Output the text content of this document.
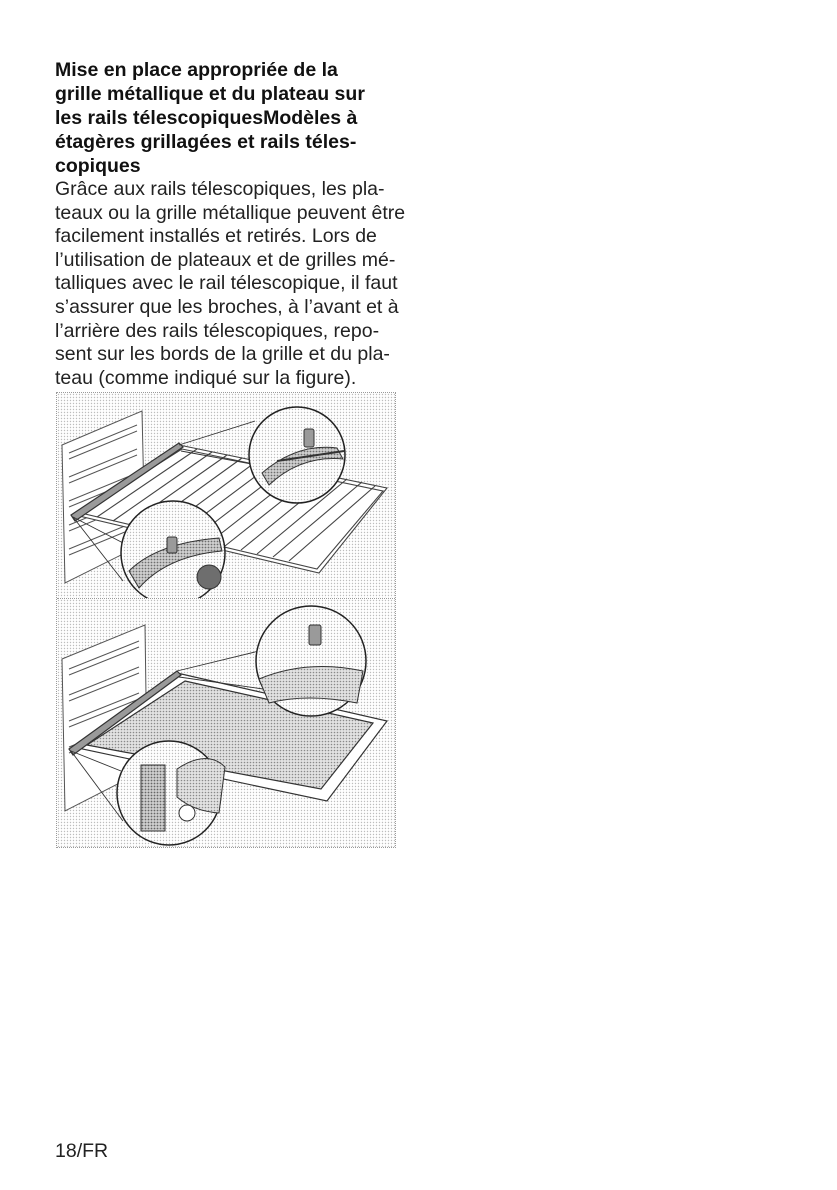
Mise en place appropriée de la
grille métallique et du plateau sur
les rails télescopiquesModèles à
étagères grillagées et rails téles-
copiques
Grâce aux rails télescopiques, les pla-
teaux ou la grille métallique peuvent être
facilement installés et retirés. Lors de
l’utilisation de plateaux et de grilles mé-
talliques avec le rail télescopique, il faut
s’assurer que les broches, à l’avant et à
l’arrière des rails télescopiques, repo-
sent sur les bords de la grille et du pla-
teau (comme indiqué sur la figure).
18/FR
